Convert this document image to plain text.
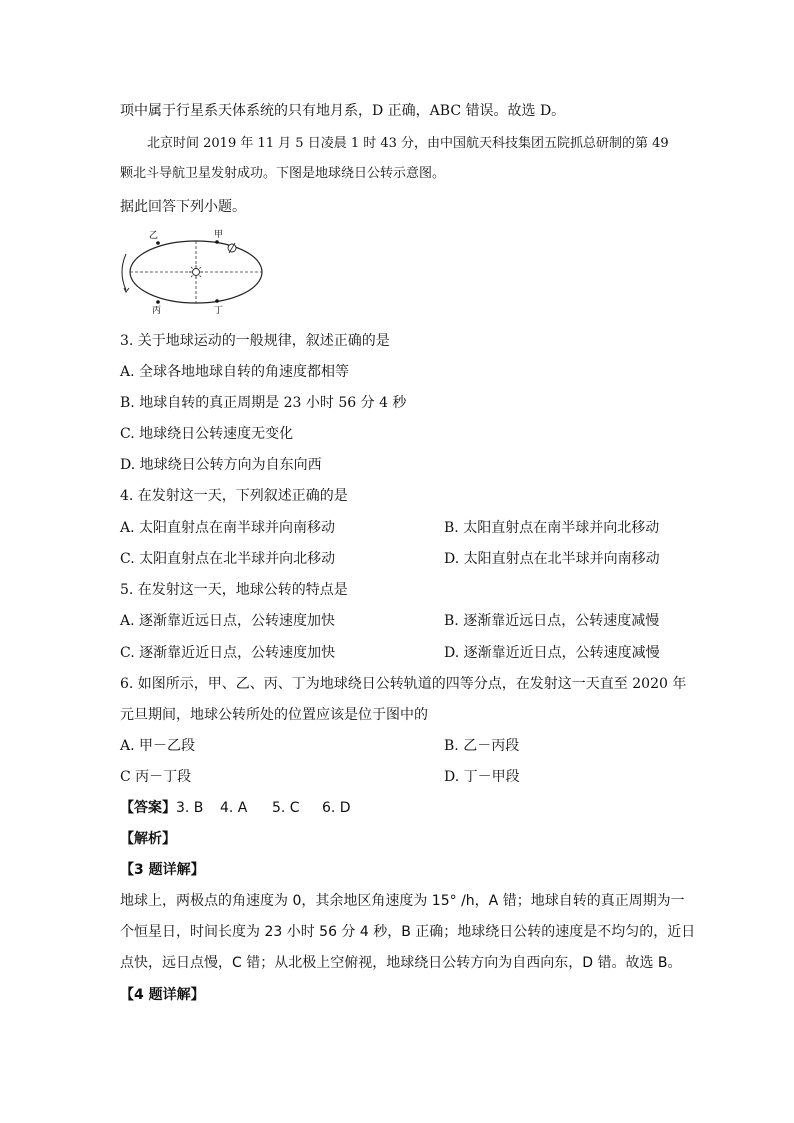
项中属于行星系天体系统的只有地月系，D 正确，ABC 错误。故选 D。
北京时间 2019 年 11 月 5 日凌晨 1 时 43 分，由中国航天科技集团五院抓总研制的第 49
颗北斗导航卫星发射成功。下图是地球绕日公转示意图。
据此回答下列小题。
乙	甲
丙	丁
3. 关于地球运动的一般规律，叙述正确的是
A. 全球各地地球自转的角速度都相等
B. 地球自转的真正周期是 23 小时 56 分 4 秒
C. 地球绕日公转速度无变化
D. 地球绕日公转方向为自东向西
4. 在发射这一天，下列叙述正确的是
A. 太阳直射点在南半球并向南移动	B. 太阳直射点在南半球并向北移动
C. 太阳直射点在北半球并向北移动	D. 太阳直射点在北半球并向南移动
5. 在发射这一天，地球公转的特点是
A. 逐渐靠近远日点，公转速度加快	B. 逐渐靠近远日点，公转速度减慢
C. 逐渐靠近近日点，公转速度加快	D. 逐渐靠近近日点，公转速度减慢
6. 如图所示，甲、乙、丙、丁为地球绕日公转轨道的四等分点，在发射这一天直至 2020 年
元旦期间，地球公转所处的位置应该是位于图中的
A. 甲－乙段	B. 乙－丙段
C 丙－丁段	D. 丁－甲段
【答案】3. B 4. A 5. C 6. D
【解析】
【3 题详解】
地球上，两极点的角速度为 0，其余地区角速度为 15° /h，A 错；地球自转的真正周期为一
个恒星日，时间长度为 23 小时 56 分 4 秒，B 正确；地球绕日公转的速度是不均匀的，近日
点快，远日点慢，C 错；从北极上空俯视，地球绕日公转方向为自西向东，D 错。故选 B。
【4 题详解】
